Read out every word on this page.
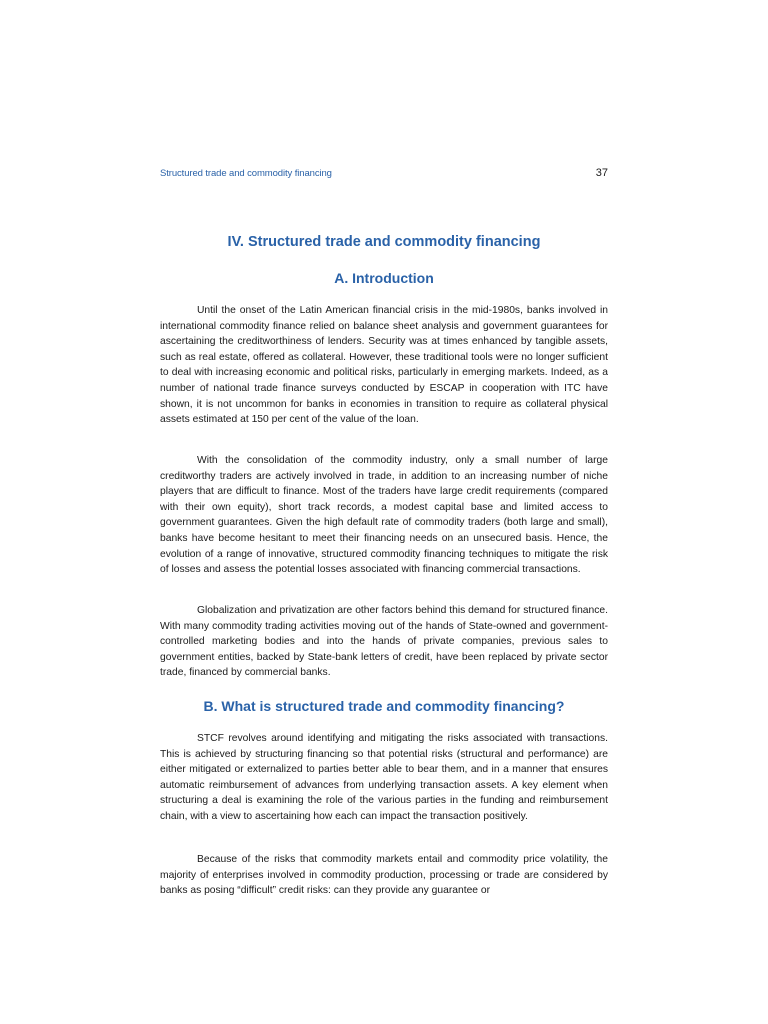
Structured trade and commodity financing	37
IV. Structured trade and commodity financing
A. Introduction

Until the onset of the Latin American financial crisis in the mid-1980s, banks involved in international commodity finance relied on balance sheet analysis and government guarantees for ascertaining the creditworthiness of lenders. Security was at times enhanced by tangible assets, such as real estate, offered as collateral. However, these traditional tools were no longer sufficient to deal with increasing economic and political risks, particularly in emerging markets. Indeed, as a number of national trade finance surveys conducted by ESCAP in cooperation with ITC have shown, it is not uncommon for banks in economies in transition to require as collateral physical assets estimated at 150 per cent of the value of the loan.

With the consolidation of the commodity industry, only a small number of large creditworthy traders are actively involved in trade, in addition to an increasing number of niche players that are difficult to finance. Most of the traders have large credit requirements (compared with their own equity), short track records, a modest capital base and limited access to government guarantees. Given the high default rate of commodity traders (both large and small), banks have become hesitant to meet their financing needs on an unsecured basis. Hence, the evolution of a range of innovative, structured commodity financing techniques to mitigate the risk of losses and assess the potential losses associated with financing commercial transactions.

Globalization and privatization are other factors behind this demand for structured finance. With many commodity trading activities moving out of the hands of State-owned and government-controlled marketing bodies and into the hands of private companies, previous sales to government entities, backed by State-bank letters of credit, have been replaced by private sector trade, financed by commercial banks.

B. What is structured trade and commodity financing?

STCF revolves around identifying and mitigating the risks associated with transactions. This is achieved by structuring financing so that potential risks (structural and performance) are either mitigated or externalized to parties better able to bear them, and in a manner that ensures automatic reimbursement of advances from underlying transaction assets. A key element when structuring a deal is examining the role of the various parties in the funding and reimbursement chain, with a view to ascertaining how each can impact the transaction positively.

Because of the risks that commodity markets entail and commodity price volatility, the majority of enterprises involved in commodity production, processing or trade are considered by banks as posing “difficult” credit risks: can they provide any guarantee or
